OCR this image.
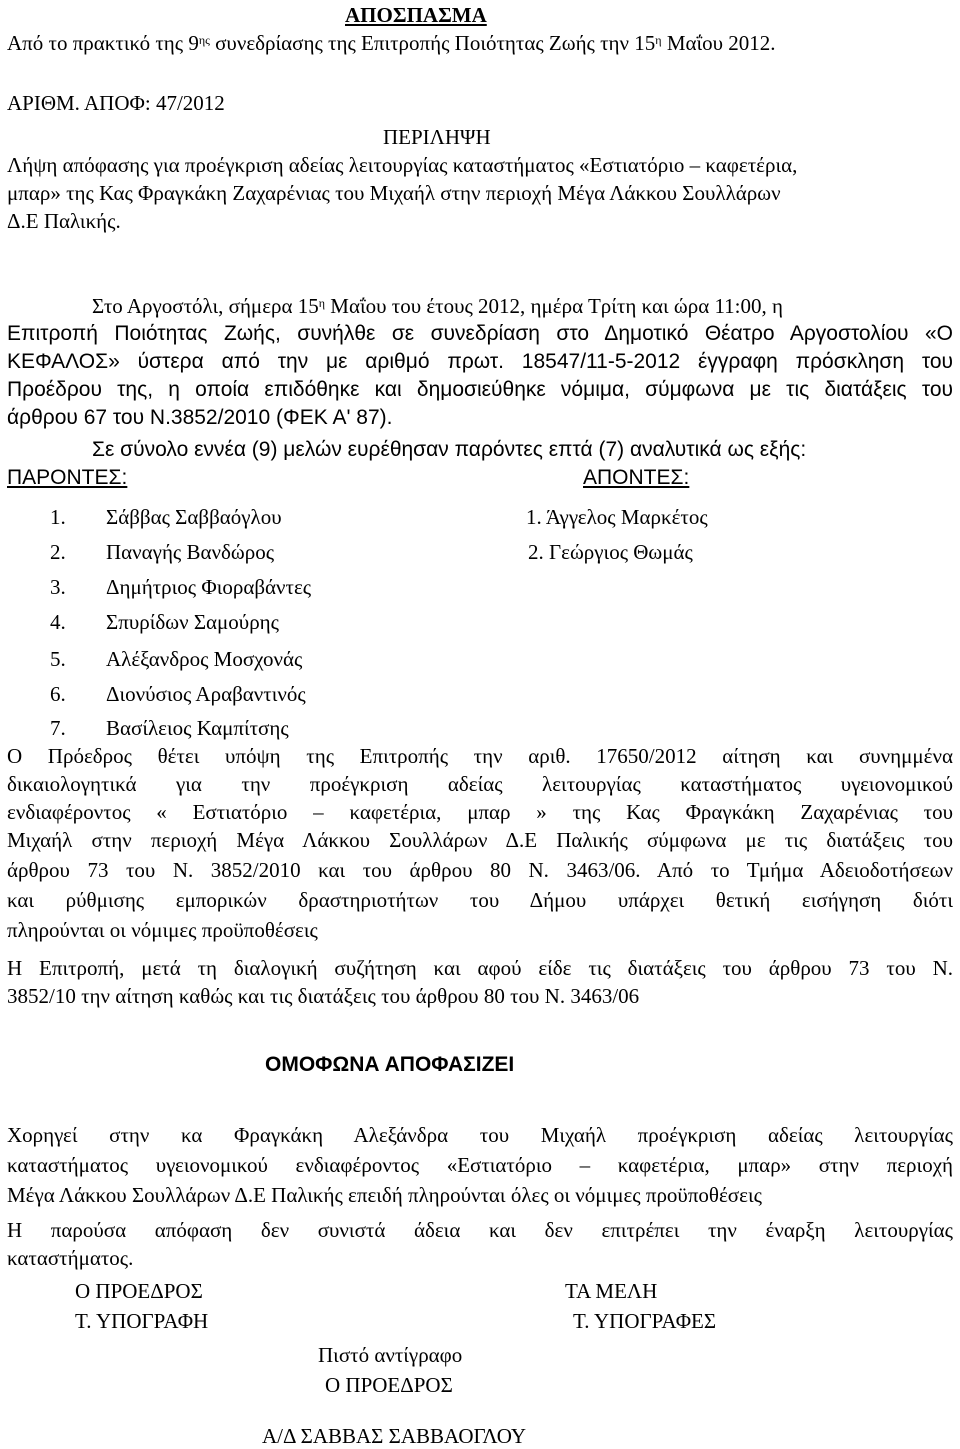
ΑΠΟΣΠΑΣΜΑ
Από το πρακτικό της $9^{\eta\varsigma}$ συνεδρίασης της Επιτροπής Ποιότητας Ζωής την $15^\eta$ Μαΐου 2012.
ΑΡΙΘΜ. ΑΠΟΦ: 47/2012
ΠΕΡΙΛΗΨΗ
Λήψη απόφασης για προέγκριση αδείας λειτουργίας καταστήματος «Εστιατόριο – καφετέρια,
μπαρ» της Κας Φραγκάκη Ζαχαρένιας του Μιχαήλ στην περιοχή Μέγα Λάκκου Σουλλάρων
Δ.Ε Παλικής.
Στο Αργοστόλι, σήμερα $15^\eta$ Μαΐου του έτους 2012, ημέρα Τρίτη και ώρα 11:00, η
Επιτροπή Ποιότητας Ζωής, συνήλθε σε συνεδρίαση στο Δημοτικό Θέατρο Αργοστολίου «Ο
ΚΕΦΑΛΟΣ» ύστερα από την με αριθμό πρωτ. 18547/11-5-2012 έγγραφη πρόσκληση του
Προέδρου της, η οποία επιδόθηκε και δημοσιεύθηκε νόμιμα, σύμφωνα με τις διατάξεις του
άρθρου 67 του Ν.3852/2010 (ΦΕΚ Α' 87).
Σε σύνολο εννέα (9) μελών ευρέθησαν παρόντες επτά (7) αναλυτικά ως εξής:
ΠΑΡΟΝΤΕΣ:	ΑΠΟΝΤΕΣ:
1. Σάββας Σαββαόγλου
2. Παναγής Βανδώρος
3. Δημήτριος Φιοραβάντες
4. Σπυρίδων Σαμούρης
5. Αλέξανδρος Μοσχονάς
6. Διονύσιος Αραβαντινός
7. Βασίλειος Καμπίτσης
1. Άγγελος Μαρκέτος
2. Γεώργιος Θωμάς
Ο Πρόεδρος θέτει υπόψη της Επιτροπής την αριθ. 17650/2012 αίτηση και συνημμένα
δικαιολογητικά για την προέγκριση αδείας λειτουργίας καταστήματος υγειονομικού
ενδιαφέροντος « Εστιατόριο – καφετέρια, μπαρ » της Κας Φραγκάκη Ζαχαρένιας του
Μιχαήλ στην περιοχή Μέγα Λάκκου Σουλλάρων Δ.Ε Παλικής σύμφωνα με τις διατάξεις του
άρθρου 73 του Ν. 3852/2010 και του άρθρου 80 Ν. 3463/06. Από το Τμήμα Αδειοδοτήσεων
και ρύθμισης εμπορικών δραστηριοτήτων του Δήμου υπάρχει θετική εισήγηση διότι
πληρούνται οι νόμιμες προϋποθέσεις
Η Επιτροπή, μετά τη διαλογική συζήτηση και αφού είδε τις διατάξεις του άρθρου 73 του Ν.
3852/10 την αίτηση καθώς και τις διατάξεις του άρθρου 80 του Ν. 3463/06
ΟΜΟΦΩΝΑ ΑΠΟΦΑΣΙΖΕΙ
Χορηγεί στην κα Φραγκάκη Αλεξάνδρα του Μιχαήλ προέγκριση αδείας λειτουργίας
καταστήματος υγειονομικού ενδιαφέροντος «Εστιατόριο – καφετέρια, μπαρ» στην περιοχή
Μέγα Λάκκου Σουλλάρων Δ.Ε Παλικής επειδή πληρούνται όλες οι νόμιμες προϋποθέσεις
Η παρούσα απόφαση δεν συνιστά άδεια και δεν επιτρέπει την έναρξη λειτουργίας
καταστήματος.
Ο ΠΡΟΕΔΡΟΣ
Τ. ΥΠΟΓΡΑΦΗ
ΤΑ ΜΕΛΗ
Τ. ΥΠΟΓΡΑΦΕΣ
Πιστό αντίγραφο
Ο ΠΡΟΕΔΡΟΣ
Α/Δ ΣΑΒΒΑΣ ΣΑΒΒΑΟΓΛΟΥ
